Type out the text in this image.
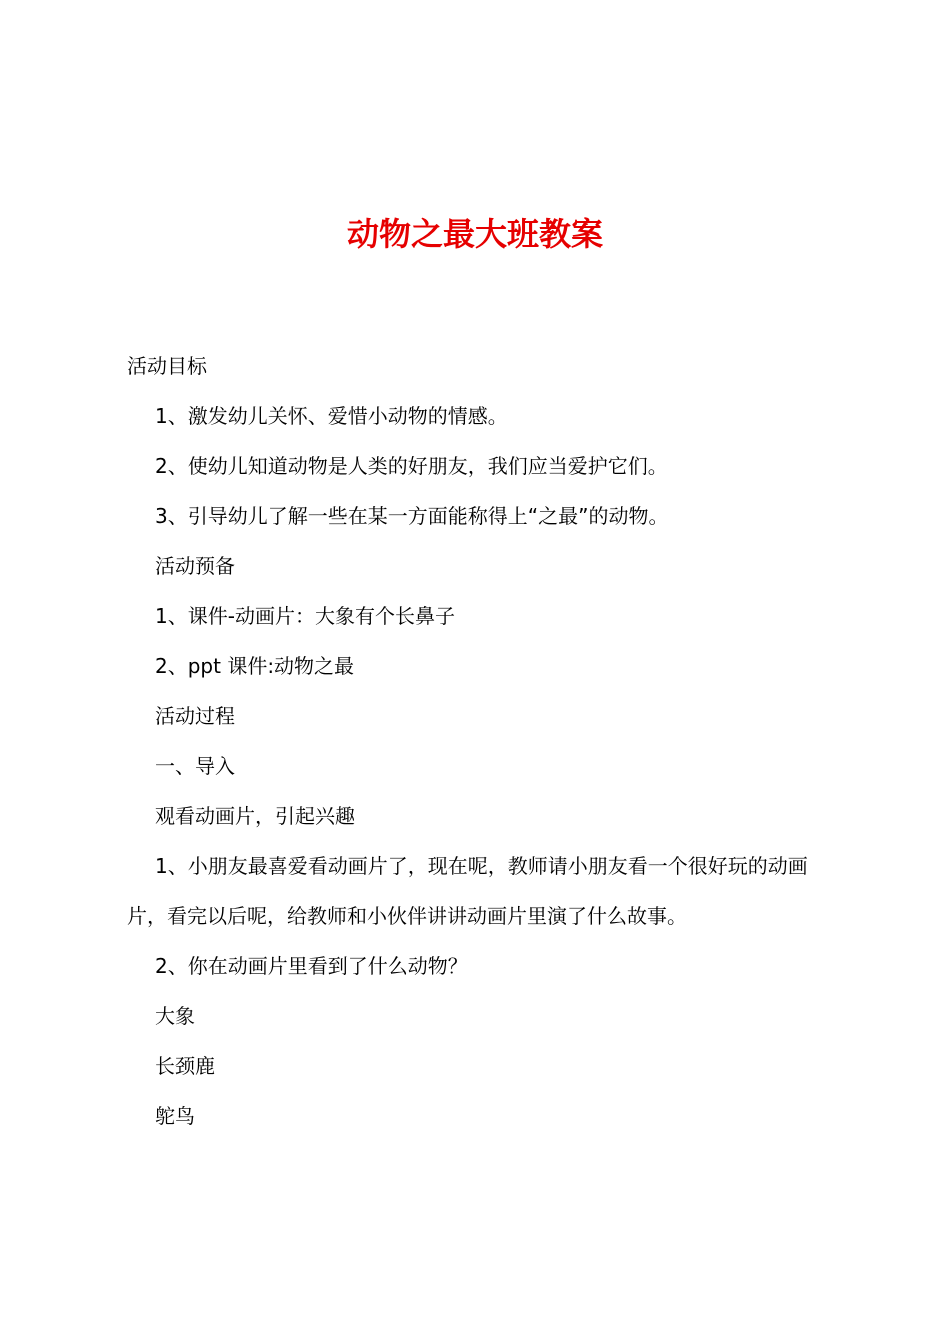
动物之最大班教案

活动目标

1、激发幼儿关怀、爱惜小动物的情感。

2、使幼儿知道动物是人类的好朋友，我们应当爱护它们。

3、引导幼儿了解一些在某一方面能称得上“之最”的动物。

活动预备

1、课件-动画片：大象有个长鼻子

2、ppt 课件:动物之最

活动过程

一、导入

观看动画片，引起兴趣

1、小朋友最喜爱看动画片了，现在呢，教师请小朋友看一个很好玩的动画片，看完以后呢，给教师和小伙伴讲讲动画片里演了什么故事。

2、你在动画片里看到了什么动物？

大象

长颈鹿

鸵鸟
